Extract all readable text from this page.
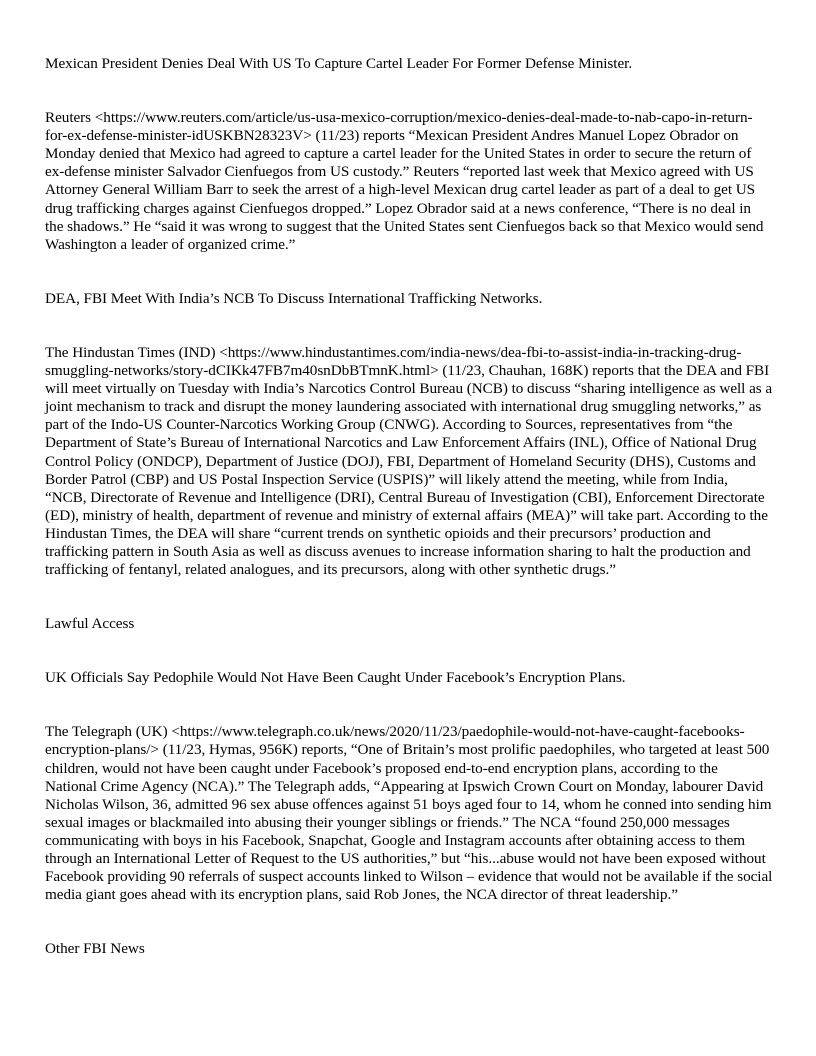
Mexican President Denies Deal With US To Capture Cartel Leader For Former Defense Minister.

Reuters <https://www.reuters.com/article/us-usa-mexico-corruption/mexico-denies-deal-made-to-nab-capo-in-return-for-ex-defense-minister-idUSKBN28323V> (11/23) reports “Mexican President Andres Manuel Lopez Obrador on Monday denied that Mexico had agreed to capture a cartel leader for the United States in order to secure the return of ex-defense minister Salvador Cienfuegos from US custody.” Reuters “reported last week that Mexico agreed with US Attorney General William Barr to seek the arrest of a high-level Mexican drug cartel leader as part of a deal to get US drug trafficking charges against Cienfuegos dropped.” Lopez Obrador said at a news conference, “There is no deal in the shadows.” He “said it was wrong to suggest that the United States sent Cienfuegos back so that Mexico would send Washington a leader of organized crime.”

DEA, FBI Meet With India’s NCB To Discuss International Trafficking Networks.

The Hindustan Times (IND) <https://www.hindustantimes.com/india-news/dea-fbi-to-assist-india-in-tracking-drug-smuggling-networks/story-dCIKk47FB7m40snDbBTmnK.html> (11/23, Chauhan, 168K) reports that the DEA and FBI will meet virtually on Tuesday with India’s Narcotics Control Bureau (NCB) to discuss “sharing intelligence as well as a joint mechanism to track and disrupt the money laundering associated with international drug smuggling networks,” as part of the Indo-US Counter-Narcotics Working Group (CNWG). According to Sources, representatives from “the Department of State’s Bureau of International Narcotics and Law Enforcement Affairs (INL), Office of National Drug Control Policy (ONDCP), Department of Justice (DOJ), FBI, Department of Homeland Security (DHS), Customs and Border Patrol (CBP) and US Postal Inspection Service (USPIS)” will likely attend the meeting, while from India, “NCB, Directorate of Revenue and Intelligence (DRI), Central Bureau of Investigation (CBI), Enforcement Directorate (ED), ministry of health, department of revenue and ministry of external affairs (MEA)” will take part. According to the Hindustan Times, the DEA will share “current trends on synthetic opioids and their precursors’ production and trafficking pattern in South Asia as well as discuss avenues to increase information sharing to halt the production and trafficking of fentanyl, related analogues, and its precursors, along with other synthetic drugs.”

Lawful Access

UK Officials Say Pedophile Would Not Have Been Caught Under Facebook’s Encryption Plans.

The Telegraph (UK) <https://www.telegraph.co.uk/news/2020/11/23/paedophile-would-not-have-caught-facebooks-encryption-plans/> (11/23, Hymas, 956K) reports, “One of Britain’s most prolific paedophiles, who targeted at least 500 children, would not have been caught under Facebook’s proposed end-to-end encryption plans, according to the National Crime Agency (NCA).” The Telegraph adds, “Appearing at Ipswich Crown Court on Monday, labourer David Nicholas Wilson, 36, admitted 96 sex abuse offences against 51 boys aged four to 14, whom he conned into sending him sexual images or blackmailed into abusing their younger siblings or friends.” The NCA “found 250,000 messages communicating with boys in his Facebook, Snapchat, Google and Instagram accounts after obtaining access to them through an International Letter of Request to the US authorities,” but “his...abuse would not have been exposed without Facebook providing 90 referrals of suspect accounts linked to Wilson – evidence that would not be available if the social media giant goes ahead with its encryption plans, said Rob Jones, the NCA director of threat leadership.”

Other FBI News
